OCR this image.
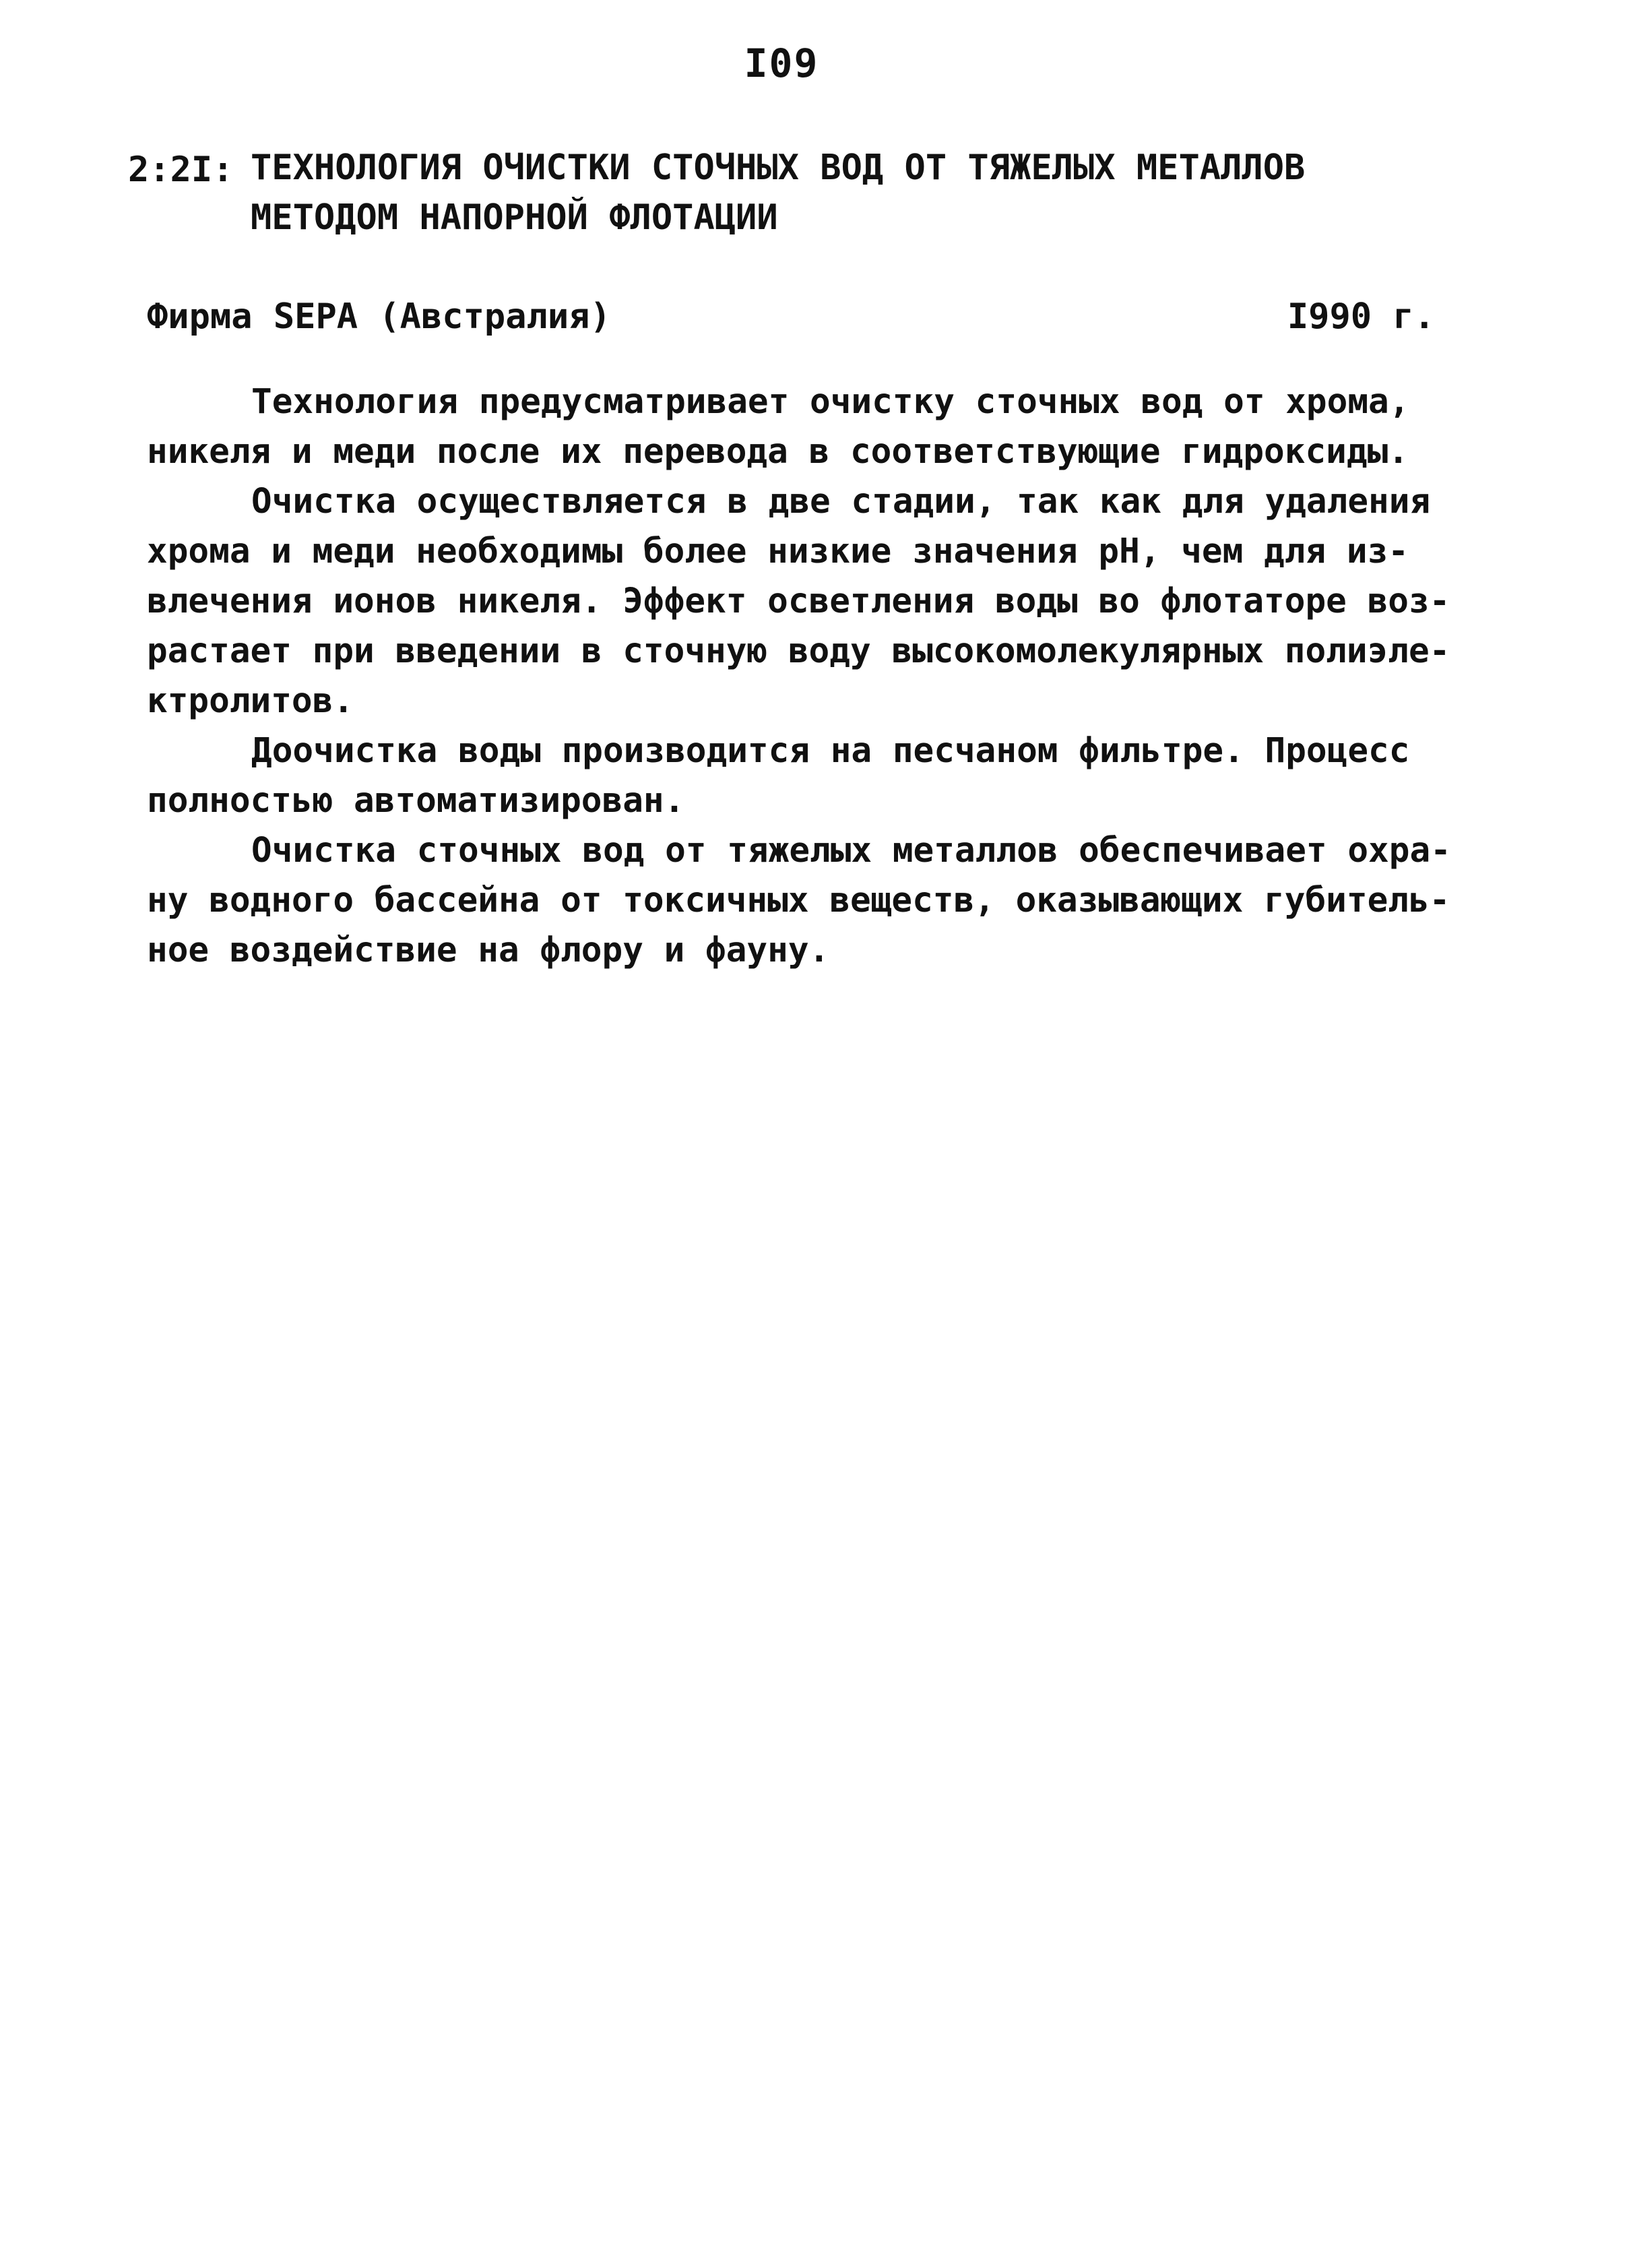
I09
2:2I: ТЕХНОЛОГИЯ ОЧИСТКИ СТОЧНЫХ ВОД ОТ ТЯЖЕЛЫХ МЕТАЛЛОВ
МЕТОДОМ НАПОРНОЙ ФЛОТАЦИИ
Фирма SEPA (Австралия)	I990 г.
Технология предусматривает очистку сточных вод от хрома,
никеля и меди после их перевода в соответствующие гидроксиды.
Очистка осуществляется в две стадии, так как для удаления
хрома и меди необходимы более низкие значения pH, чем для из-
влечения ионов никеля. Эффект осветления воды во флотаторе воз-
растает при введении в сточную воду высокомолекулярных полиэле-
ктролитов.
Доочистка воды производится на песчаном фильтре. Процесс
полностью автоматизирован.
Очистка сточных вод от тяжелых металлов обеспечивает охра-
ну водного бассейна от токсичных веществ, оказывающих губитель-
ное воздействие на флору и фауну.
